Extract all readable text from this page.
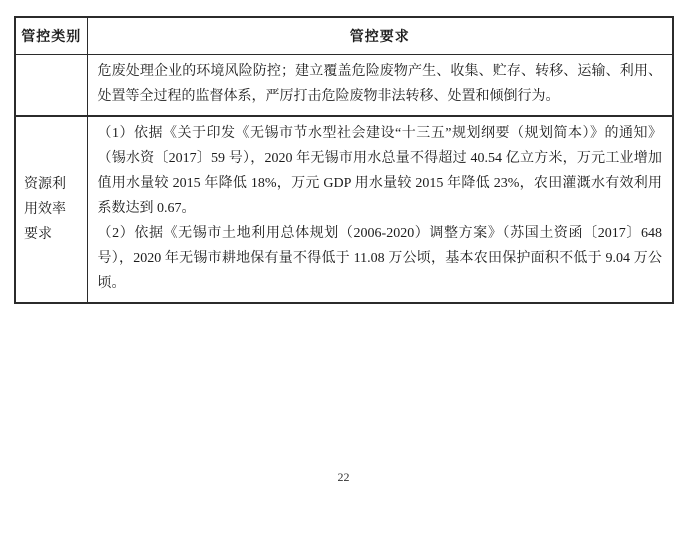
管控类别	管控要求

	危废处理企业的环境风险防控；建立覆盖危险废物产生、收集、贮存、转移、运输、利用、处置等全过程的监督体系，严厉打击危险废物非法转移、处置和倾倒行为。

资源利用效率要求	（1）依据《关于印发《无锡市节水型社会建设“十三五”规划纲要（规划简本）》的通知》（锡水资〔2017〕59 号），2020 年无锡市用水总量不得超过 40.54 亿立方米，万元工业增加值用水量较 2015 年降低 18%，万元 GDP 用水量较 2015 年降低 23%，农田灌溉水有效利用系数达到 0.67。

（2）依据《无锡市土地利用总体规划（2006-2020）调整方案》（苏国土资函〔2017〕648 号），2020 年无锡市耕地保有量不得低于 11.08 万公顷，基本农田保护面积不低于 9.04 万公顷。

22
